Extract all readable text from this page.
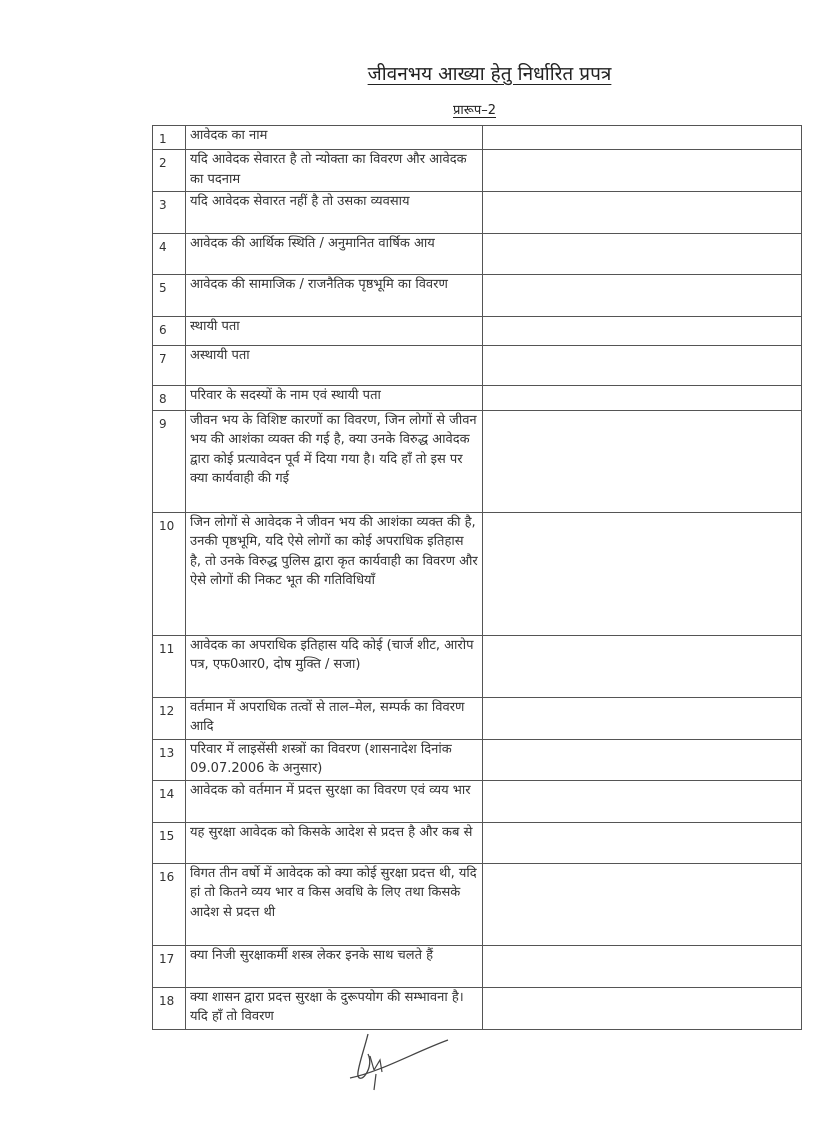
जीवनभय आख्या हेतु निर्धारित प्रपत्र
प्रारूप–2
1	आवेदक का नाम	
2	यदि आवेदक सेवारत है तो न्योक्ता का विवरण और आवेदक का पदनाम	
3	यदि आवेदक सेवारत नहीं है तो उसका व्यवसाय	
4	आवेदक की आर्थिक स्थिति / अनुमानित वार्षिक आय	
5	आवेदक की सामाजिक / राजनैतिक पृष्ठभूमि का विवरण	
6	स्थायी पता	
7	अस्थायी पता	
8	परिवार के सदस्यों के नाम एवं स्थायी पता	
9	जीवन भय के विशिष्ट कारणों का विवरण, जिन लोगों से जीवन भय की आशंका व्यक्त की गई है, क्या उनके विरुद्ध आवेदक द्वारा कोई प्रत्यावेदन पूर्व में दिया गया है। यदि हॉं तो इस पर क्या कार्यवाही की गई	
10	जिन लोगों से आवेदक ने जीवन भय की आशंका व्यक्त की है, उनकी पृष्ठभूमि, यदि ऐसे लोगों का कोई अपराधिक इतिहास है, तो उनके विरुद्ध पुलिस द्वारा कृत कार्यवाही का विवरण और ऐसे लोगों की निकट भूत की गतिविधियॉं	
11	आवेदक का अपराधिक इतिहास यदि कोई (चार्ज शीट, आरोप पत्र, एफ0आर0, दोष मुक्ति / सजा)	
12	वर्तमान में अपराधिक तत्वों से ताल–मेल, सम्पर्क का विवरण आदि	
13	परिवार में लाइसेंसी शस्त्रों का विवरण (शासनादेश दिनांक 09.07.2006 के अनुसार)	
14	आवेदक को वर्तमान में प्रदत्त सुरक्षा का विवरण एवं व्यय भार	
15	यह सुरक्षा आवेदक को किसके आदेश से प्रदत्त है और कब से	
16	विगत तीन वर्षो में आवेदक को क्या कोई सुरक्षा प्रदत्त थी, यदि हां तो कितने व्यय भार व किस अवधि के लिए तथा किसके आदेश से प्रदत्त थी	
17	क्या निजी सुरक्षाकर्मी शस्त्र लेकर इनके साथ चलते हैं	
18	क्या शासन द्वारा प्रदत्त सुरक्षा के दुरूपयोग की सम्भावना है। यदि हॉं तो विवरण	
